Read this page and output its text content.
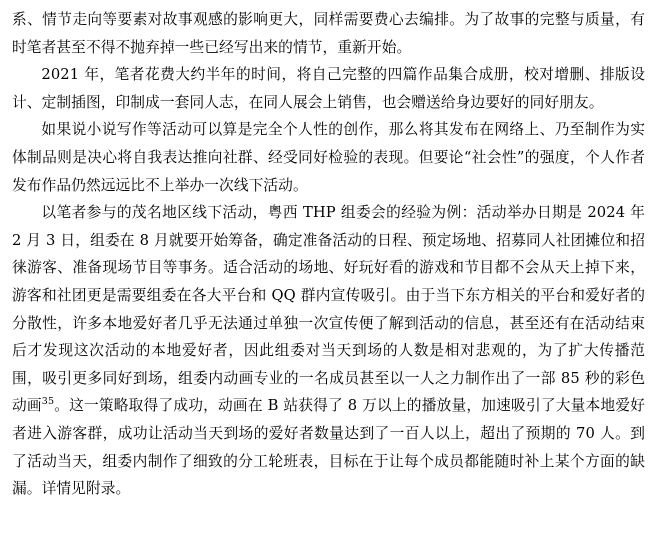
系、情节走向等要素对故事观感的影响更大，同样需要费心去编排。为了故事的完整与质量，有时笔者甚至不得不抛弃掉一些已经写出来的情节，重新开始。

2021 年，笔者花费大约半年的时间，将自己完整的四篇作品集合成册，校对增删、排版设计、定制插图，印制成一套同人志，在同人展会上销售，也会赠送给身边要好的同好朋友。

如果说小说写作等活动可以算是完全个人性的创作，那么将其发布在网络上、乃至制作为实体制品则是决心将自我表达推向社群、经受同好检验的表现。但要论“社会性”的强度，个人作者发布作品仍然远远比不上举办一次线下活动。

以笔者参与的茂名地区线下活动，粤西 THP 组委会的经验为例：活动举办日期是 2024 年 2 月 3 日，组委在 8 月就要开始筹备，确定准备活动的日程、预定场地、招募同人社团摊位和招徕游客、准备现场节目等事务。适合活动的场地、好玩好看的游戏和节目都不会从天上掉下来，游客和社团更是需要组委在各大平台和 QQ 群内宣传吸引。由于当下东方相关的平台和爱好者的分散性，许多本地爱好者几乎无法通过单独一次宣传便了解到活动的信息，甚至还有在活动结束后才发现这次活动的本地爱好者，因此组委对当天到场的人数是相对悲观的，为了扩大传播范围，吸引更多同好到场，组委内动画专业的一名成员甚至以一人之力制作出了一部 85 秒的彩色动画$^{35}$。这一策略取得了成功，动画在 B 站获得了 8 万以上的播放量，加速吸引了大量本地爱好者进入游客群，成功让活动当天到场的爱好者数量达到了一百人以上，超出了预期的 70 人。到了活动当天，组委内制作了细致的分工轮班表，目标在于让每个成员都能随时补上某个方面的缺漏。详情见附录。
